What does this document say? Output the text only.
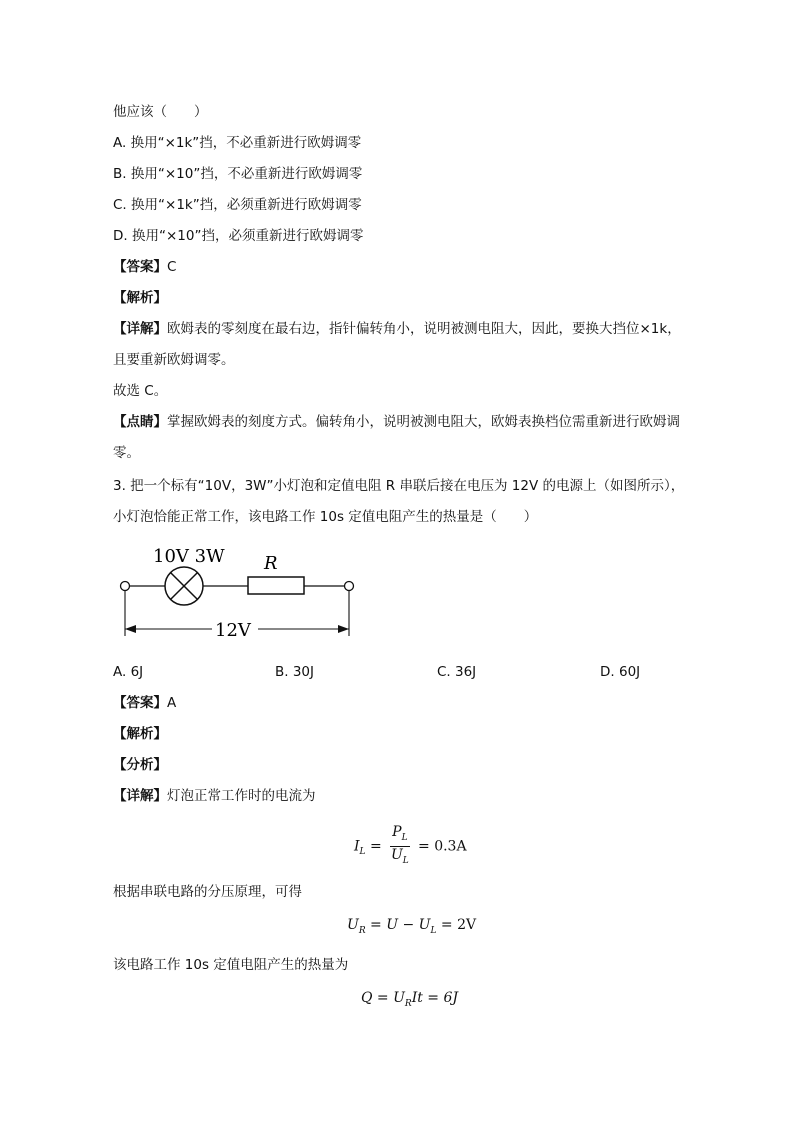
他应该（　　）
A. 换用“×1k”挡，不必重新进行欧姆调零
B. 换用“×10”挡，不必重新进行欧姆调零
C. 换用“×1k”挡，必须重新进行欧姆调零
D. 换用“×10”挡，必须重新进行欧姆调零
【答案】C
【解析】
【详解】欧姆表的零刻度在最右边，指针偏转角小，说明被测电阻大，因此，要换大挡位×1k，
且要重新欧姆调零。
故选 C。
【点睛】掌握欧姆表的刻度方式。偏转角小，说明被测电阻大，欧姆表换档位需重新进行欧姆调
零。
3. 把一个标有“10V，3W”小灯泡和定值电阻 R 串联后接在电压为 12V 的电源上（如图所示），
小灯泡恰能正常工作，该电路工作 10s 定值电阻产生的热量是（　　）
10V 3W R
12V
A. 6J	B. 30J	C. 36J	D. 60J
【答案】A
【解析】
【分析】
【详解】灯泡正常工作时的电流为
$I_L = \frac{P_L}{U_L} = 0.3A$
根据串联电路的分压原理，可得
$U_R = U - U_L = 2V$
该电路工作 10s 定值电阻产生的热量为
$Q = U_RIt = 6J$
